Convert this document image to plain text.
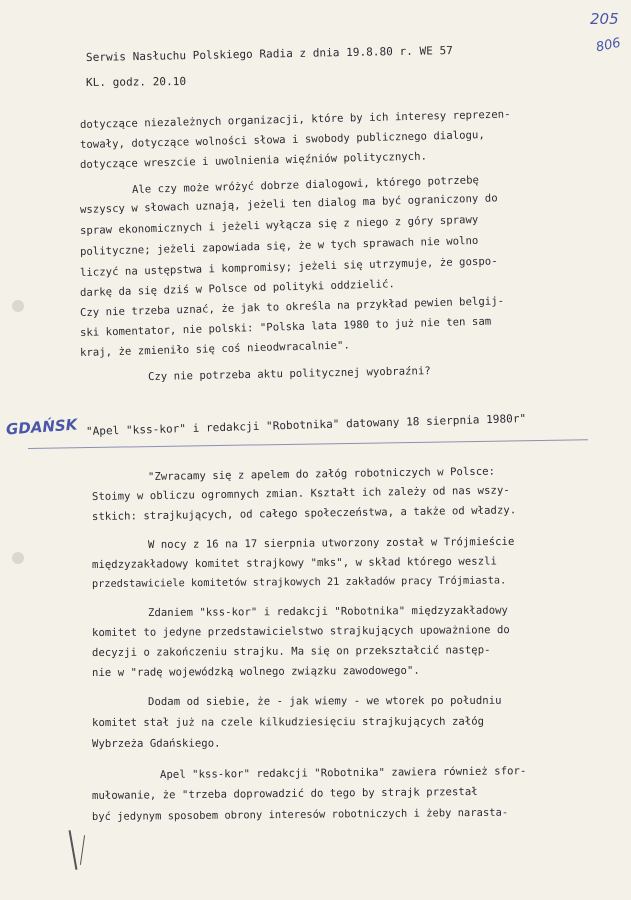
205
806
Serwis Nasłuchu Polskiego Radia z dnia 19.8.80 r. WE 57
KL. godz. 20.10
dotyczące niezależnych organizacji, które by ich interesy reprezen-
towały, dotyczące wolności słowa i swobody publicznego dialogu,
dotyczące wreszcie i uwolnienia więźniów politycznych.
Ale czy może wróżyć dobrze dialogowi, którego potrzebę
wszyscy w słowach uznają, jeżeli ten dialog ma być ograniczony do
spraw ekonomicznych i jeżeli wyłącza się z niego z góry sprawy
polityczne; jeżeli zapowiada się, że w tych sprawach nie wolno
liczyć na ustępstwa i kompromisy; jeżeli się utrzymuje, że gospo-
darkę da się dziś w Polsce od polityki oddzielić.
Czy nie trzeba uznać, że jak to określa na przykład pewien belgij-
ski komentator, nie polski: "Polska lata 1980 to już nie ten sam
kraj, że zmieniło się coś nieodwracalnie".
Czy nie potrzeba aktu politycznej wyobraźni?
GDAŃSK "Apel "kss-kor" i redakcji "Robotnika" datowany 18 sierpnia 1980r"
"Zwracamy się z apelem do załóg robotniczych w Polsce:
Stoimy w obliczu ogromnych zmian. Kształt ich zależy od nas wszy-
stkich: strajkujących, od całego społeczeństwa, a także od władzy.
W nocy z 16 na 17 sierpnia utworzony został w Trójmieście
międzyzakładowy komitet strajkowy "mks", w skład którego weszli
przedstawiciele komitetów strajkowych 21 zakładów pracy Trójmiasta.
Zdaniem "kss-kor" i redakcji "Robotnika" międzyzakładowy
komitet to jedyne przedstawicielstwo strajkujących upoważnione do
decyzji o zakończeniu strajku. Ma się on przekształcić następ-
nie w "radę wojewódzką wolnego związku zawodowego".
Dodam od siebie, że - jak wiemy - we wtorek po południu
komitet stał już na czele kilkudziesięciu strajkujących załóg
Wybrzeża Gdańskiego.
Apel "kss-kor" redakcji "Robotnika" zawiera również sfor-
mułowanie, że "trzeba doprowadzić do tego by strajk przestał
być jedynym sposobem obrony interesów robotniczych i żeby narasta-
